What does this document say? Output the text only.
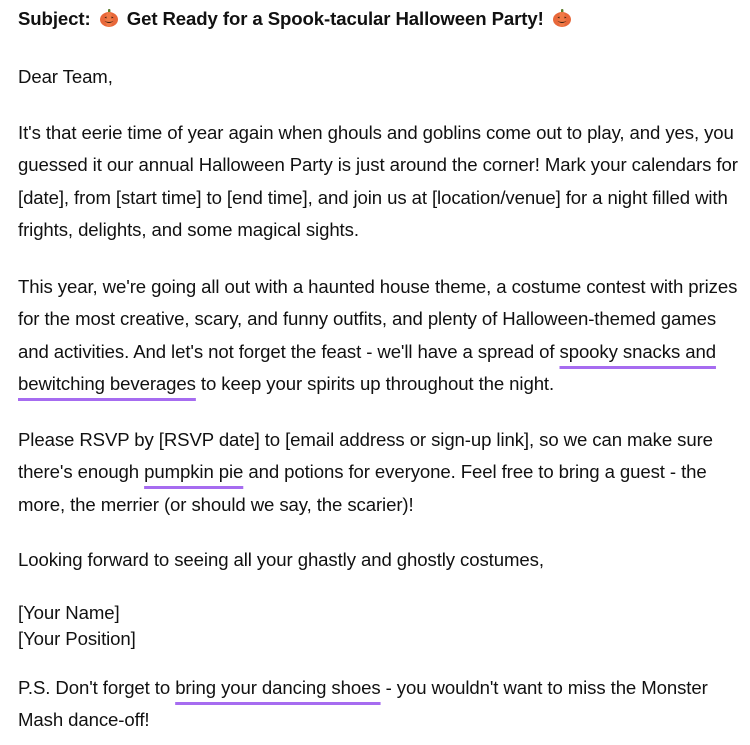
Subject: Get Ready for a Spook-tacular Halloween Party!

Dear Team,

It's that eerie time of year again when ghouls and goblins come out to play, and yes, you guessed it our annual Halloween Party is just around the corner! Mark your calendars for [date], from [start time] to [end time], and join us at [location/venue] for a night filled with frights, delights, and some magical sights.

This year, we're going all out with a haunted house theme, a costume contest with prizes for the most creative, scary, and funny outfits, and plenty of Halloween-themed games and activities. And let's not forget the feast - we'll have a spread of spooky snacks and bewitching beverages to keep your spirits up throughout the night.

Please RSVP by [RSVP date] to [email address or sign-up link], so we can make sure there's enough pumpkin pie and potions for everyone. Feel free to bring a guest - the more, the merrier (or should we say, the scarier)!

Looking forward to seeing all your ghastly and ghostly costumes,

[Your Name]
[Your Position]

P.S. Don't forget to bring your dancing shoes - you wouldn't want to miss the Monster Mash dance-off!
